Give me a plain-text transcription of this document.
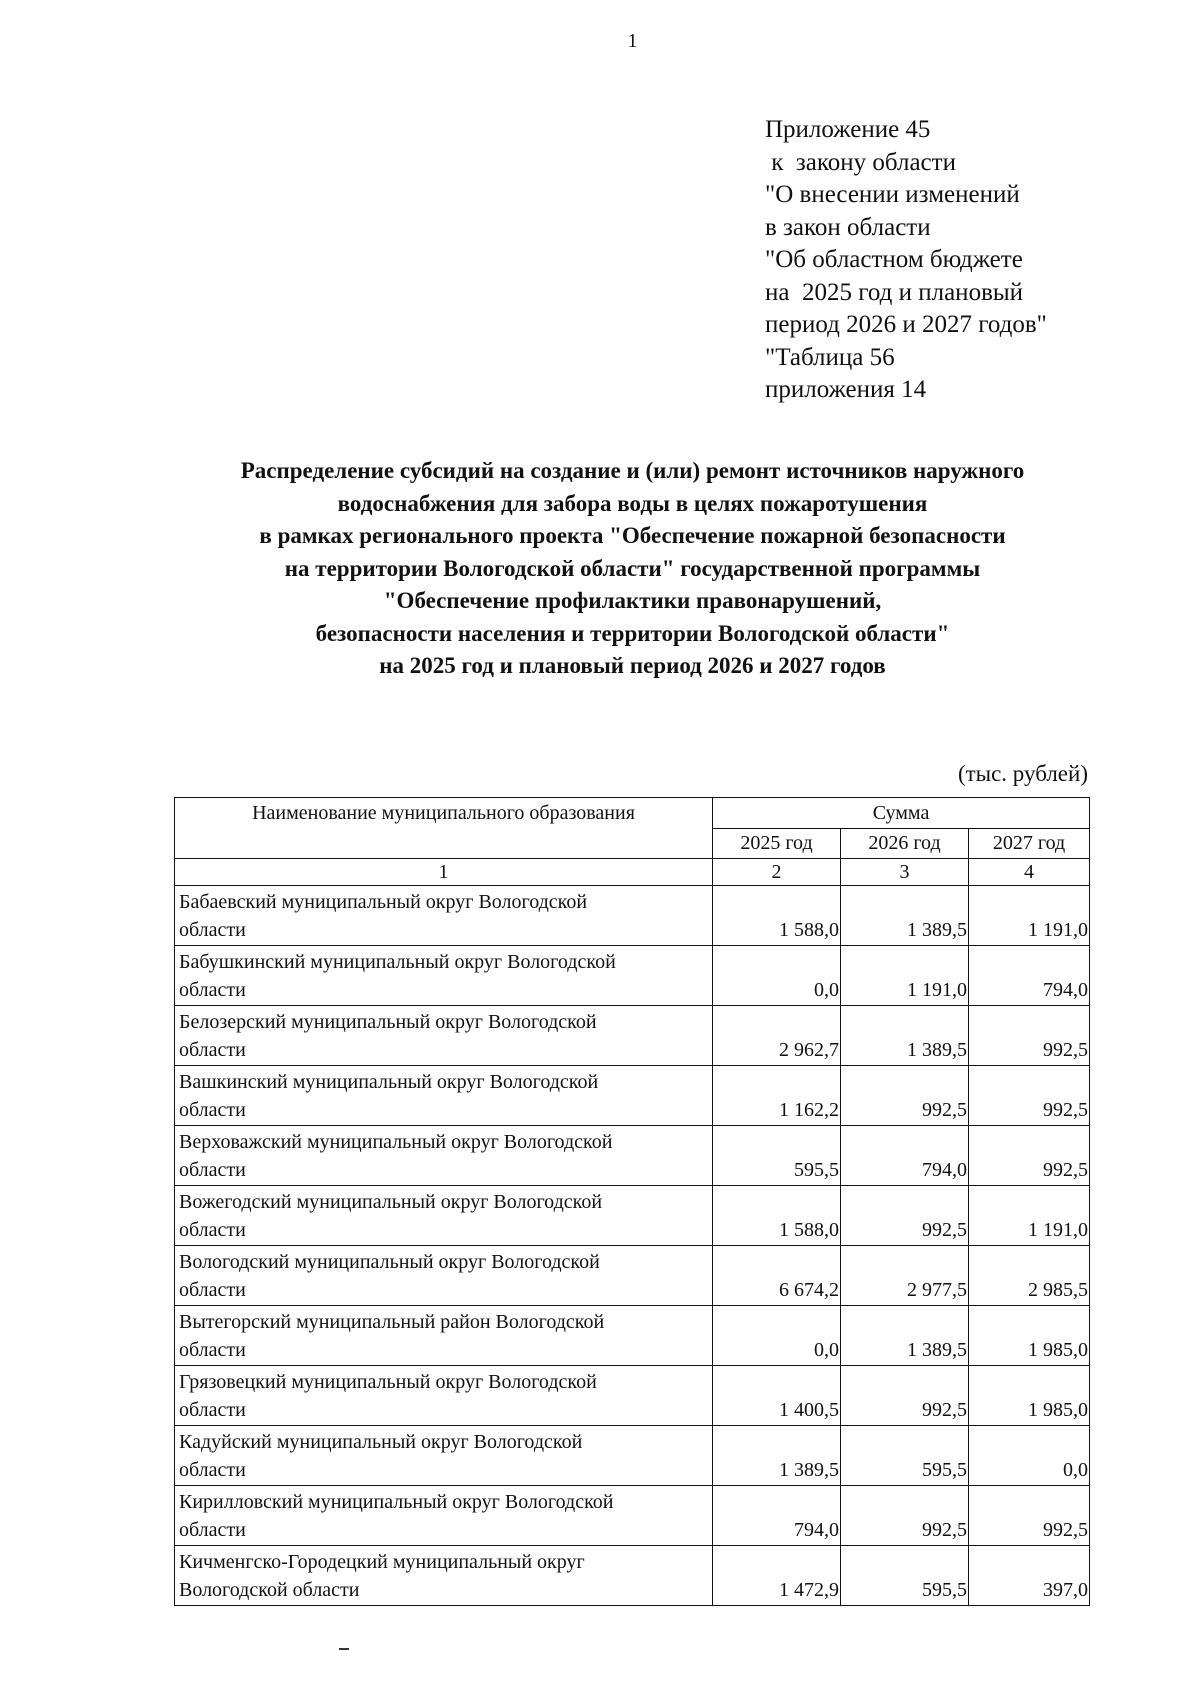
1
Приложение 45
к  закону области
"О внесении изменений
в закон области
"Об областном бюджете
на  2025 год и плановый
период 2026 и 2027 годов"
"Таблица 56
приложения 14
Распределение субсидий на создание и (или) ремонт источников наружного
водоснабжения для забора воды в целях пожаротушения
в рамках регионального проекта "Обеспечение пожарной безопасности
на территории Вологодской области" государственной программы
"Обеспечение профилактики правонарушений,
безопасности населения и территории Вологодской области"
на 2025 год и плановый период 2026 и 2027 годов
(тыс. рублей)
Наименование муниципального образования	Сумма		
	2025 год	2026 год	2027 год
1	2	3	4

Бабаевский муниципальный округ Вологодской
области	1 588,0	1 389,5	1 191,0

Бабушкинский муниципальный округ Вологодской
области	0,0	1 191,0	794,0

Белозерский муниципальный округ Вологодской
области	2 962,7	1 389,5	992,5

Вашкинский муниципальный округ Вологодской
области	1 162,2	992,5	992,5

Верховажский муниципальный округ Вологодской
области	595,5	794,0	992,5

Вожегодский муниципальный округ Вологодской
области	1 588,0	992,5	1 191,0

Вологодский муниципальный округ Вологодской
области	6 674,2	2 977,5	2 985,5

Вытегорский муниципальный район Вологодской
области	0,0	1 389,5	1 985,0

Грязовецкий муниципальный округ Вологодской
области	1 400,5	992,5	1 985,0

Кадуйский муниципальный округ Вологодской
области	1 389,5	595,5	0,0

Кирилловский муниципальный округ Вологодской
области	794,0	992,5	992,5

Кичменгско-Городецкий муниципальный округ
Вологодской области	1 472,9	595,5	397,0
